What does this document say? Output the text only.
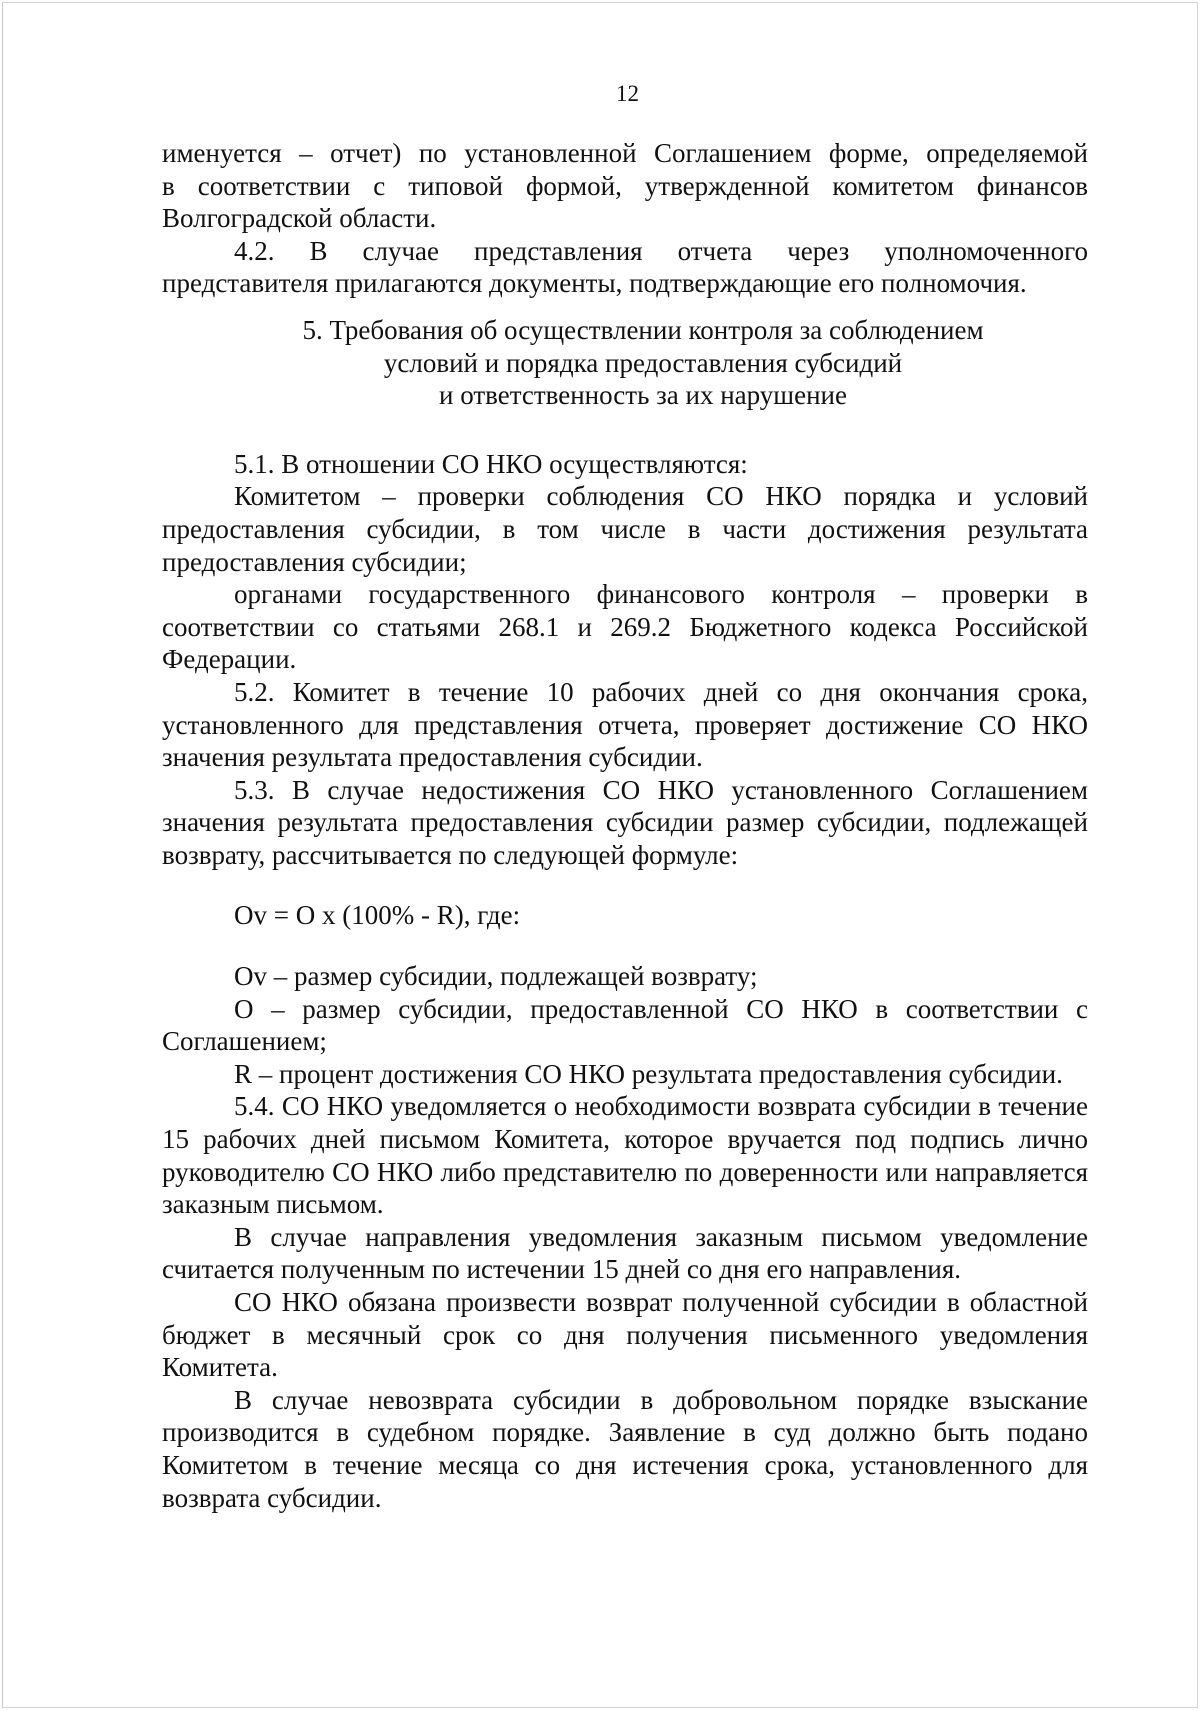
12

именуется – отчет) по установленной Соглашением форме, определяемой

в соответствии с типовой формой, утвержденной комитетом финансов

Волгоградской области.

4.2. В случае представления отчета через уполномоченного

представителя прилагаются документы, подтверждающие его полномочия.

5. Требования об осуществлении контроля за соблюдением
условий и порядка предоставления субсидий
и ответственность за их нарушение

5.1. В отношении СО НКО осуществляются:

Комитетом – проверки соблюдения СО НКО порядка и условий предоставления субсидии, в том числе в части достижения результата предоставления субсидии;

органами государственного финансового контроля – проверки в соответствии со статьями 268.1 и 269.2 Бюджетного кодекса Российской Федерации.

5.2. Комитет в течение 10 рабочих дней со дня окончания срока, установленного для представления отчета, проверяет достижение СО НКО значения результата предоставления субсидии.

5.3. В случае недостижения СО НКО установленного Соглашением значения результата предоставления субсидии размер субсидии, подлежащей возврату, рассчитывается по следующей формуле:

Ov = O x (100% - R), где:

Ov – размер субсидии, подлежащей возврату;

O – размер субсидии, предоставленной СО НКО в соответствии с Соглашением;

R – процент достижения СО НКО результата предоставления субсидии.

5.4. СО НКО уведомляется о необходимости возврата субсидии в течение 15 рабочих дней письмом Комитета, которое вручается под подпись лично руководителю СО НКО либо представителю по доверенности или направляется заказным письмом.

В случае направления уведомления заказным письмом уведомление считается полученным по истечении 15 дней со дня его направления.

СО НКО обязана произвести возврат полученной субсидии в областной бюджет в месячный срок со дня получения письменного уведомления Комитета.

В случае невозврата субсидии в добровольном порядке взыскание производится в судебном порядке. Заявление в суд должно быть подано Комитетом в течение месяца со дня истечения срока, установленного для возврата субсидии.
